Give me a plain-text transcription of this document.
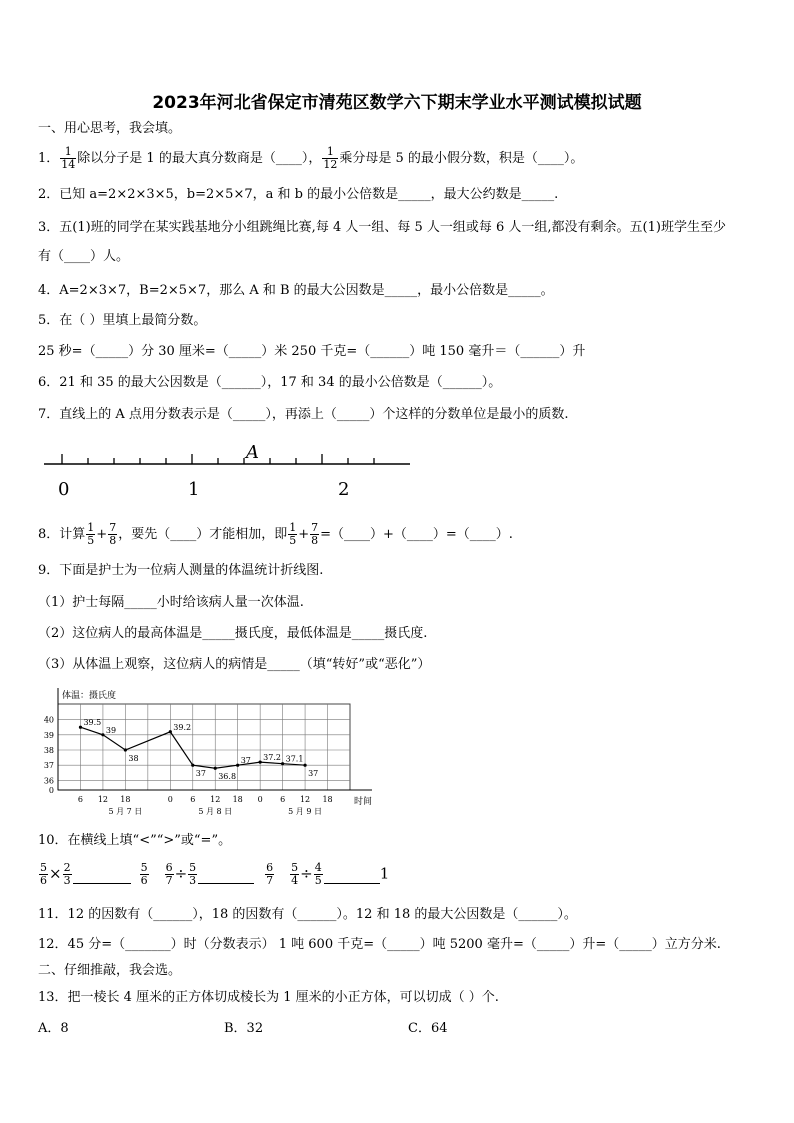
2023年河北省保定市清苑区数学六下期末学业水平测试模拟试题
一、用心思考，我会填。
1． $\frac{1}{14}$ 除以分子是 1 的最大真分数商是（____）， $\frac{1}{12}$ 乘分母是 5 的最小假分数，积是（____）。
2．已知 a=2×2×3×5，b=2×5×7，a 和 b 的最小公倍数是_____，最大公约数是_____.
3．五(1)班的同学在某实践基地分小组跳绳比赛,每 4 人一组、每 5 人一组或每 6 人一组,都没有剩余。五(1)班学生至少
有（____）人。
4．A=2×3×7，B=2×5×7，那么 A 和 B 的最大公因数是_____，最小公倍数是_____。
5．在（ ）里填上最简分数。
25 秒=（_____）分 30 厘米=（_____）米 250 千克=（______）吨 150 毫升＝（______）升
6．21 和 35 的最大公因数是（______），17 和 34 的最小公倍数是（______）。
7．直线上的 A 点用分数表示是（_____），再添上（_____）个这样的分数单位是最小的质数.
0	1	2
A
8．计算 $\frac{1}{5} + \frac{7}{8}$ ，要先（____）才能相加，即 $\frac{1}{5} + \frac{7}{8}$ =（____）+（____）=（____）.
9．下面是护士为一位病人测量的体温统计折线图.
（1）护士每隔_____小时给该病人量一次体温.
（2）这位病人的最高体温是_____摄氏度，最低体温是_____摄氏度.
（3）从体温上观察，这位病人的病情是_____（填“转好”或“恶化”）
体温：摄氏度
时间
0
36
37
38
39
40
6 12 18	0 6 12 18 0 6 12 18
5 月 7 日	5 月 8 日	5 月 9 日
39.5
39
38
39.2
37 36.8
37 37.2 37.1
37
10．在横线上填“<”“>”或“=”。
$\frac{5}{6} \times \frac{2}{3}$
	$\frac{5}{6} \frac{6}{7} \div \frac{5}{3}$
	$\frac{6}{7} \frac{5}{4} \div \frac{4}{5}$	1
11．12 的因数有（______），18 的因数有（______）。12 和 18 的最大公因数是（______）。
12．45 分=（_______）时（分数表示） 1 吨 600 千克=（_____）吨 5200 毫升=（_____）升=（_____）立方分米.
二、仔细推敲，我会选。
13．把一棱长 4 厘米的正方体切成棱长为 1 厘米的小正方体，可以切成（ ）个.
A．8	B．32	C．64
